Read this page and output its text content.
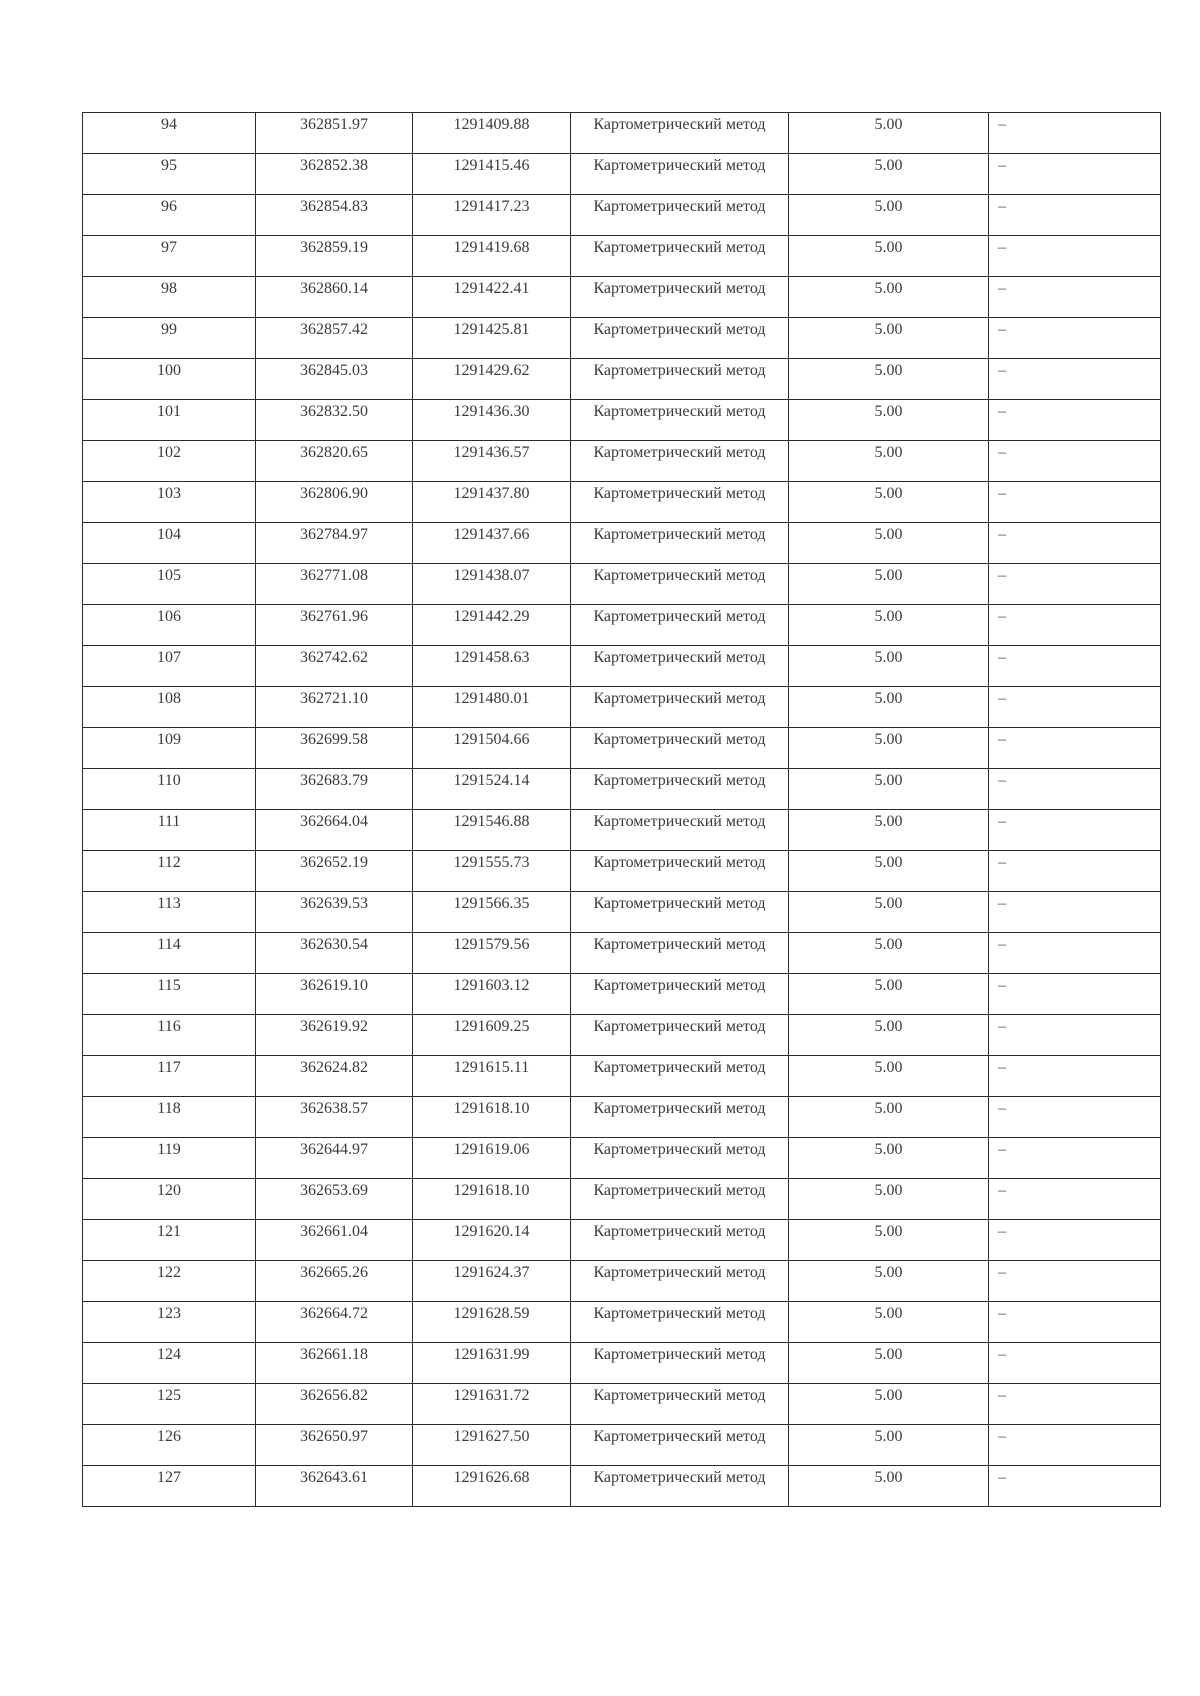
94	362851.97	1291409.88	Картометрический метод	5.00	–

95	362852.38	1291415.46	Картометрический метод	5.00	–

96	362854.83	1291417.23	Картометрический метод	5.00	–

97	362859.19	1291419.68	Картометрический метод	5.00	–

98	362860.14	1291422.41	Картометрический метод	5.00	–

99	362857.42	1291425.81	Картометрический метод	5.00	–

100	362845.03	1291429.62	Картометрический метод	5.00	–

101	362832.50	1291436.30	Картометрический метод	5.00	–

102	362820.65	1291436.57	Картометрический метод	5.00	–

103	362806.90	1291437.80	Картометрический метод	5.00	–

104	362784.97	1291437.66	Картометрический метод	5.00	–

105	362771.08	1291438.07	Картометрический метод	5.00	–

106	362761.96	1291442.29	Картометрический метод	5.00	–

107	362742.62	1291458.63	Картометрический метод	5.00	–

108	362721.10	1291480.01	Картометрический метод	5.00	–

109	362699.58	1291504.66	Картометрический метод	5.00	–

110	362683.79	1291524.14	Картометрический метод	5.00	–

111	362664.04	1291546.88	Картометрический метод	5.00	–

112	362652.19	1291555.73	Картометрический метод	5.00	–

113	362639.53	1291566.35	Картометрический метод	5.00	–

114	362630.54	1291579.56	Картометрический метод	5.00	–

115	362619.10	1291603.12	Картометрический метод	5.00	–

116	362619.92	1291609.25	Картометрический метод	5.00	–

117	362624.82	1291615.11	Картометрический метод	5.00	–

118	362638.57	1291618.10	Картометрический метод	5.00	–

119	362644.97	1291619.06	Картометрический метод	5.00	–

120	362653.69	1291618.10	Картометрический метод	5.00	–

121	362661.04	1291620.14	Картометрический метод	5.00	–

122	362665.26	1291624.37	Картометрический метод	5.00	–

123	362664.72	1291628.59	Картометрический метод	5.00	–

124	362661.18	1291631.99	Картометрический метод	5.00	–

125	362656.82	1291631.72	Картометрический метод	5.00	–

126	362650.97	1291627.50	Картометрический метод	5.00	–

127	362643.61	1291626.68	Картометрический метод	5.00	–
